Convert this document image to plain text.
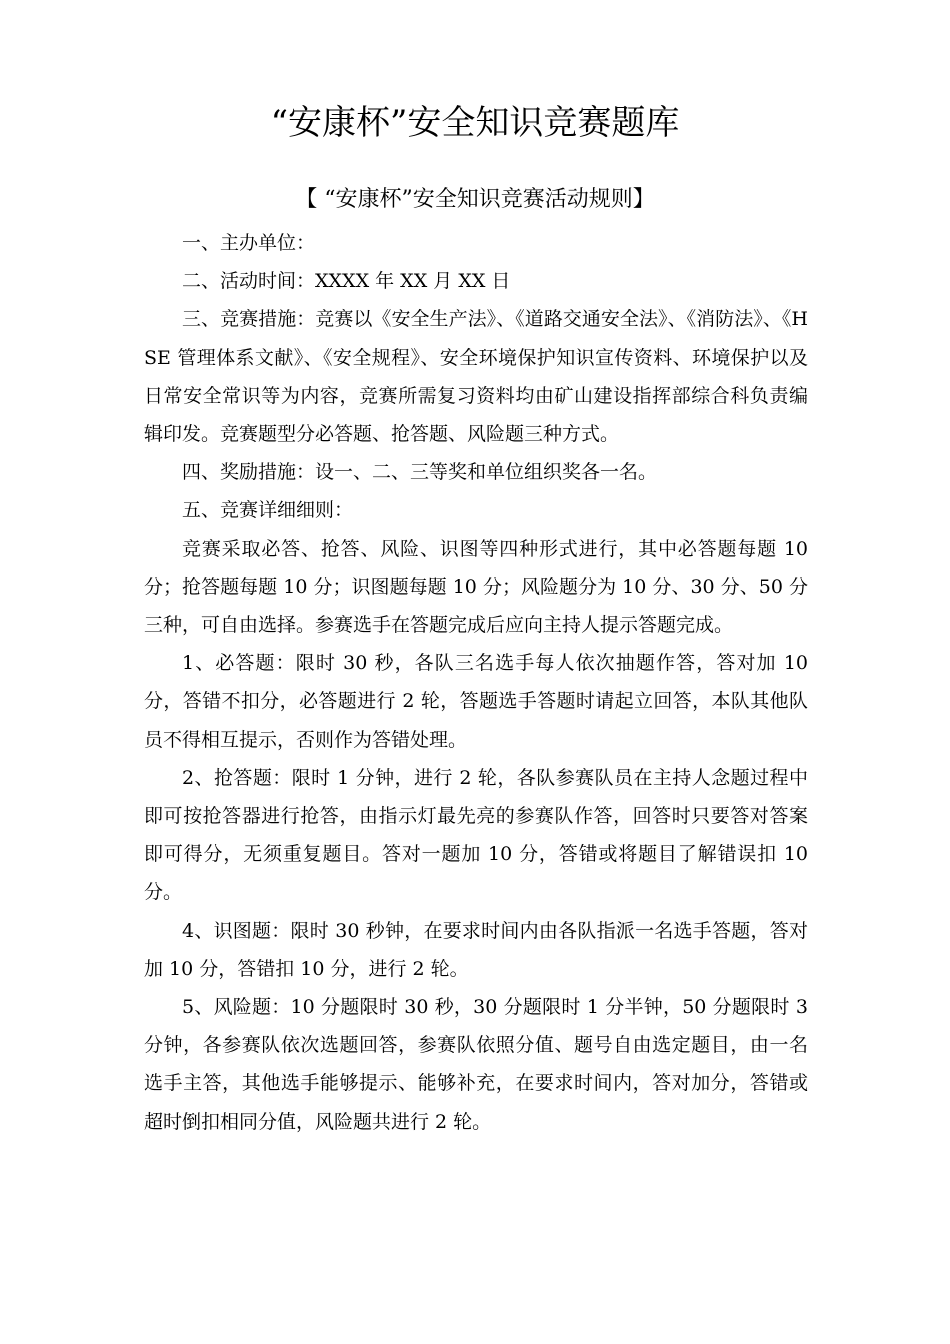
“安康杯”安全知识竞赛题库
【 “安康杯”安全知识竞赛活动规则】

一、主办单位：

二、活动时间：XXXX 年 XX 月 XX 日

三、竞赛措施：竞赛以《安全生产法》、《道路交通安全法》、《消防法》、《HSE 管理体系文献》、《安全规程》、安全环境保护知识宣传资料、环境保护以及日常安全常识等为内容，竞赛所需复习资料均由矿山建设指挥部综合科负责编辑印发。竞赛题型分必答题、抢答题、风险题三种方式。

四、奖励措施：设一、二、三等奖和单位组织奖各一名。

五、竞赛详细细则：

竞赛采取必答、抢答、风险、识图等四种形式进行，其中必答题每题 10 分；抢答题每题 10 分；识图题每题 10 分；风险题分为 10 分、30 分、50 分三种，可自由选择。参赛选手在答题完成后应向主持人提示答题完成。

1、必答题：限时 30 秒，各队三名选手每人依次抽题作答，答对加 10 分，答错不扣分，必答题进行 2 轮，答题选手答题时请起立回答，本队其他队员不得相互提示，否则作为答错处理。

2、抢答题：限时 1 分钟，进行 2 轮，各队参赛队员在主持人念题过程中即可按抢答器进行抢答，由指示灯最先亮的参赛队作答，回答时只要答对答案即可得分，无须重复题目。答对一题加 10 分，答错或将题目了解错误扣 10 分。

4、识图题：限时 30 秒钟，在要求时间内由各队指派一名选手答题，答对加 10 分，答错扣 10 分，进行 2 轮。

5、风险题：10 分题限时 30 秒，30 分题限时 1 分半钟，50 分题限时 3 分钟，各参赛队依次选题回答，参赛队依照分值、题号自由选定题目，由一名选手主答，其他选手能够提示、能够补充，在要求时间内，答对加分，答错或超时倒扣相同分值，风险题共进行 2 轮。
